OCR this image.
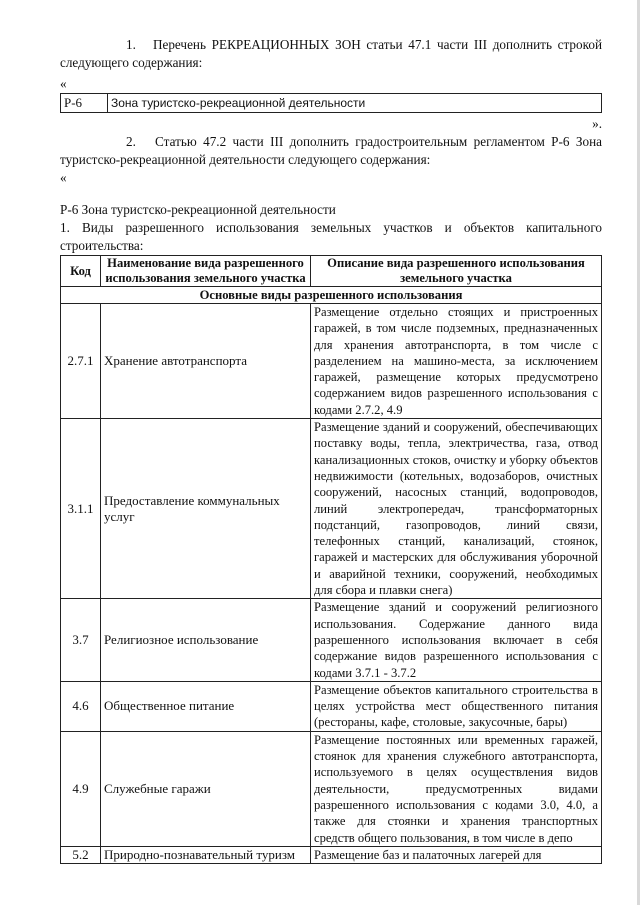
1.   Перечень РЕКРЕАЦИОННЫХ ЗОН статьи 47.1 части III дополнить строкой следующего содержания:

«

Р-6	Зона туристско-рекреационной деятельности

».

2.   Статью 47.2 части III дополнить градостроительным регламентом Р-6 Зона туристско-рекреационной деятельности следующего содержания:

«

Р-6 Зона туристско-рекреационной деятельности

1. Виды разрешенного использования земельных участков и объектов капитального строительства:

Код	Наименование вида разрешенного использования земельного участка	Описание вида разрешенного использования земельного участка
Основные виды разрешенного использования		
2.7.1	Хранение автотранспорта	Размещение отдельно стоящих и пристроенных гаражей, в том числе подземных, предназначенных для хранения автотранспорта, в том числе с разделением на машино-места, за исключением гаражей, размещение которых предусмотрено содержанием видов разрешенного использования с кодами 2.7.2, 4.9
3.1.1	Предоставление коммунальных услуг	Размещение зданий и сооружений, обеспечивающих поставку воды, тепла, электричества, газа, отвод канализационных стоков, очистку и уборку объектов недвижимости (котельных, водозаборов, очистных сооружений, насосных станций, водопроводов, линий электропередач, трансформаторных подстанций, газопроводов, линий связи, телефонных станций, канализаций, стоянок, гаражей и мастерских для обслуживания уборочной и аварийной техники, сооружений, необходимых для сбора и плавки снега)
3.7	Религиозное использование	Размещение зданий и сооружений религиозного использования. Содержание данного вида разрешенного использования включает в себя содержание видов разрешенного использования с кодами 3.7.1 - 3.7.2
4.6	Общественное питание	Размещение объектов капитального строительства в целях устройства мест общественного питания (рестораны, кафе, столовые, закусочные, бары)
4.9	Служебные гаражи	Размещение постоянных или временных гаражей, стоянок для хранения служебного автотранспорта, используемого в целях осуществления видов деятельности, предусмотренных видами разрешенного использования с кодами 3.0, 4.0, а также для стоянки и хранения транспортных средств общего пользования, в том числе в депо
5.2	Природно-познавательный туризм	Размещение баз и палаточных лагерей для
